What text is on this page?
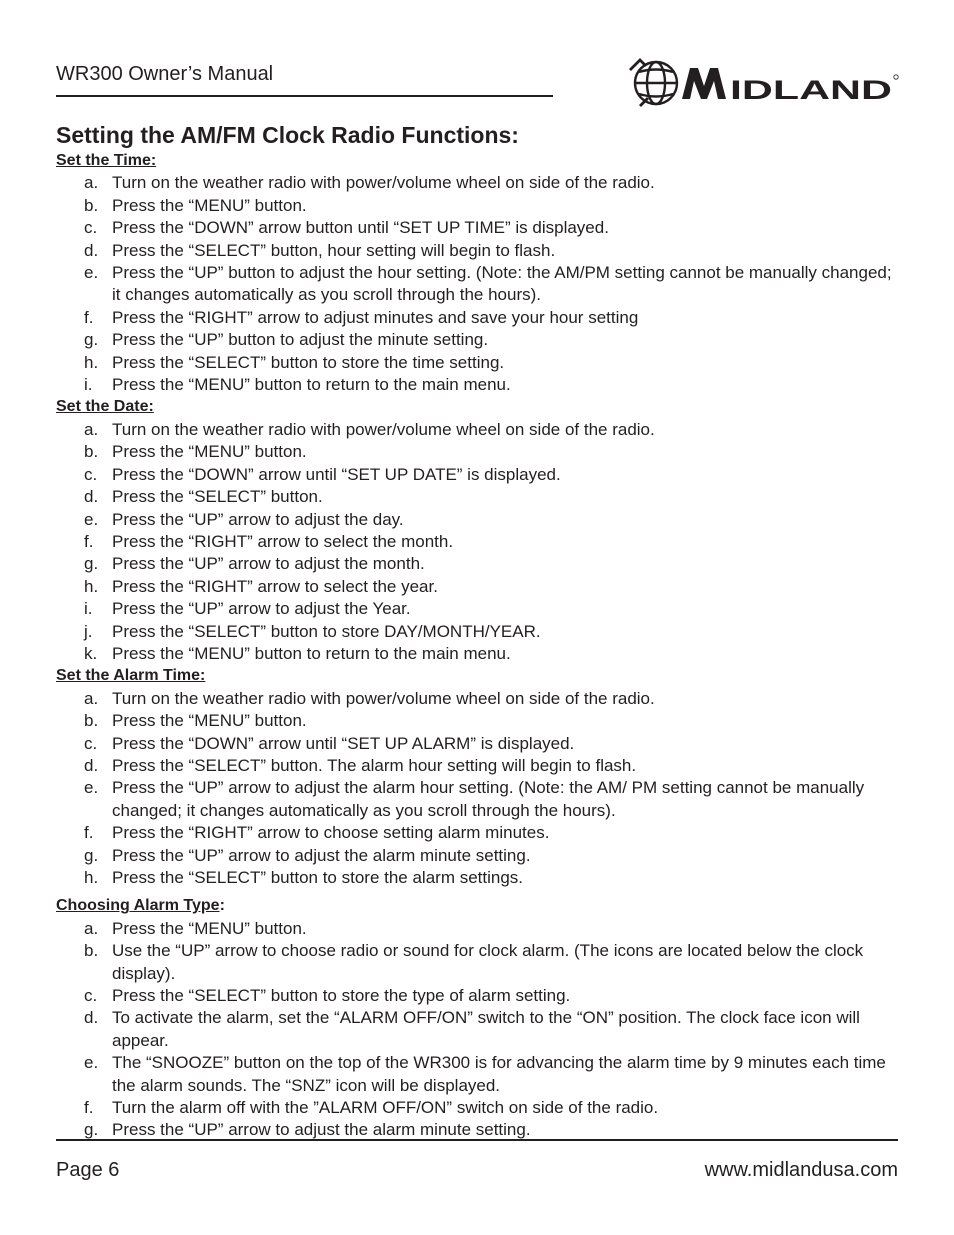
WR300 Owner’s Manual
IDLAND
Setting the AM/FM Clock Radio Functions:
Set the Time:
a. Turn on the weather radio with power/volume wheel on side of the radio.
b. Press the “MENU” button.
c. Press the “DOWN” arrow button until “SET UP TIME” is displayed.
d. Press the “SELECT” button, hour setting will begin to flash.
e. Press the “UP” button to adjust the hour setting. (Note: the AM/PM setting cannot be manually changed; it changes automatically as you scroll through the hours).
f. Press the “RIGHT” arrow to adjust minutes and save your hour setting
g. Press the “UP” button to adjust the minute setting.
h. Press the “SELECT” button to store the time setting.
i. Press the “MENU” button to return to the main menu.
Set the Date:
a. Turn on the weather radio with power/volume wheel on side of the radio.
b. Press the “MENU” button.
c. Press the “DOWN” arrow until “SET UP DATE” is displayed.
d. Press the “SELECT” button.
e. Press the “UP” arrow to adjust the day.
f. Press the “RIGHT” arrow to select the month.
g. Press the “UP” arrow to adjust the month.
h. Press the “RIGHT” arrow to select the year.
i. Press the “UP” arrow to adjust the Year.
j. Press the “SELECT” button to store DAY/MONTH/YEAR.
k. Press the “MENU” button to return to the main menu.
Set the Alarm Time:
a. Turn on the weather radio with power/volume wheel on side of the radio.
b. Press the “MENU” button.
c. Press the “DOWN” arrow until “SET UP ALARM” is displayed.
d. Press the “SELECT” button. The alarm hour setting will begin to flash.
e. Press the “UP” arrow to adjust the alarm hour setting. (Note: the AM/ PM setting cannot be manually changed; it changes automatically as you scroll through the hours).
f. Press the “RIGHT” arrow to choose setting alarm minutes.
g. Press the “UP” arrow to adjust the alarm minute setting.
h. Press the “SELECT” button to store the alarm settings.
Choosing Alarm Type:
a. Press the “MENU” button.
b. Use the “UP” arrow to choose radio or sound for clock alarm. (The icons are located below the clock display).
c. Press the “SELECT” button to store the type of alarm setting.
d. To activate the alarm, set the “ALARM OFF/ON” switch to the “ON” position. The clock face icon will appear.
e. The “SNOOZE” button on the top of the WR300 is for advancing the alarm time by 9 minutes each time the alarm sounds. The “SNZ” icon will be displayed.
f. Turn the alarm off with the ”ALARM OFF/ON” switch on side of the radio.
g. Press the “UP” arrow to adjust the alarm minute setting.
Page 6	www.midlandusa.com
